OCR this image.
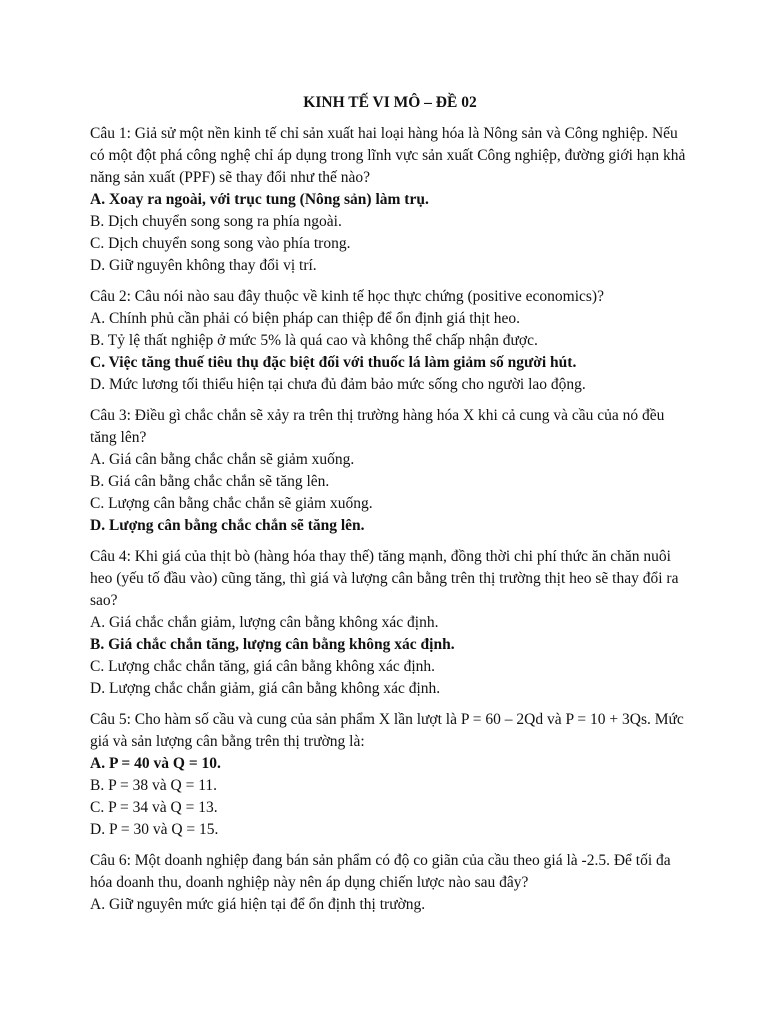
KINH TẾ VI MÔ – ĐỀ 02

Câu 1: Giả sử một nền kinh tế chỉ sản xuất hai loại hàng hóa là Nông sản và Công nghiệp. Nếu có một đột phá công nghệ chỉ áp dụng trong lĩnh vực sản xuất Công nghiệp, đường giới hạn khả năng sản xuất (PPF) sẽ thay đổi như thế nào?

A. Xoay ra ngoài, với trục tung (Nông sản) làm trụ.

B. Dịch chuyển song song ra phía ngoài.

C. Dịch chuyển song song vào phía trong.

D. Giữ nguyên không thay đổi vị trí.

Câu 2: Câu nói nào sau đây thuộc về kinh tế học thực chứng (positive economics)?

A. Chính phủ cần phải có biện pháp can thiệp để ổn định giá thịt heo.

B. Tỷ lệ thất nghiệp ở mức 5% là quá cao và không thể chấp nhận được.

C. Việc tăng thuế tiêu thụ đặc biệt đối với thuốc lá làm giảm số người hút.

D. Mức lương tối thiểu hiện tại chưa đủ đảm bảo mức sống cho người lao động.

Câu 3: Điều gì chắc chắn sẽ xảy ra trên thị trường hàng hóa X khi cả cung và cầu của nó đều tăng lên?

A. Giá cân bằng chắc chắn sẽ giảm xuống.

B. Giá cân bằng chắc chắn sẽ tăng lên.

C. Lượng cân bằng chắc chắn sẽ giảm xuống.

D. Lượng cân bằng chắc chắn sẽ tăng lên.

Câu 4: Khi giá của thịt bò (hàng hóa thay thế) tăng mạnh, đồng thời chi phí thức ăn chăn nuôi heo (yếu tố đầu vào) cũng tăng, thì giá và lượng cân bằng trên thị trường thịt heo sẽ thay đổi ra sao?

A. Giá chắc chắn giảm, lượng cân bằng không xác định.

B. Giá chắc chắn tăng, lượng cân bằng không xác định.

C. Lượng chắc chắn tăng, giá cân bằng không xác định.

D. Lượng chắc chắn giảm, giá cân bằng không xác định.

Câu 5: Cho hàm số cầu và cung của sản phẩm X lần lượt là P = 60 – 2Qd và P = 10 + 3Qs. Mức giá và sản lượng cân bằng trên thị trường là:

A. P = 40 và Q = 10.

B. P = 38 và Q = 11.

C. P = 34 và Q = 13.

D. P = 30 và Q = 15.

Câu 6: Một doanh nghiệp đang bán sản phẩm có độ co giãn của cầu theo giá là -2.5. Để tối đa hóa doanh thu, doanh nghiệp này nên áp dụng chiến lược nào sau đây?

A. Giữ nguyên mức giá hiện tại để ổn định thị trường.
